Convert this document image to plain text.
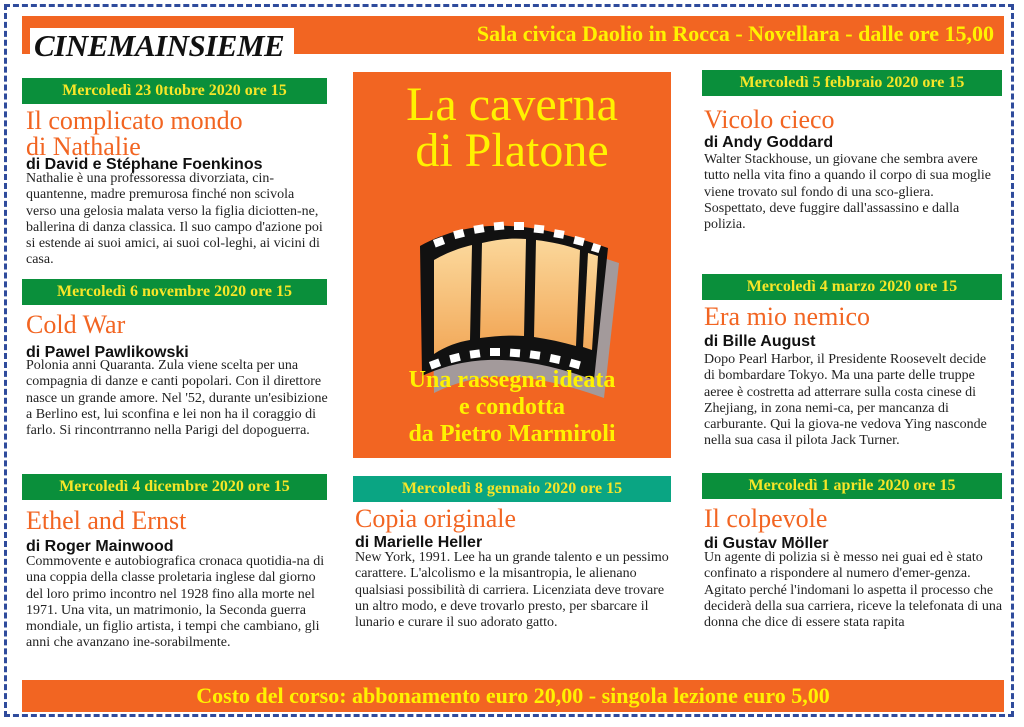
CINEMAINSIEME	Sala civica Daolio in Rocca - Novellara - dalle ore 15,00
Mercoledì 23 0ttobre 2020 ore 15
Il complicato mondo
di Nathalie
di David e Stéphane Foenkinos
Nathalie è una professoressa divorziata, cin-quantenne, madre premurosa finché non scivola verso una gelosia malata verso la figlia diciotten-ne, ballerina di danza classica. Il suo campo d'azione poi si estende ai suoi amici, ai suoi col-leghi, ai vicini di casa.
Mercoledì 6 novembre 2020 ore 15
Cold War
di Pawel Pawlikowski
Polonia anni Quaranta. Zula viene scelta per una compagnia di danze e canti popolari. Con il direttore nasce un grande amore. Nel '52, durante un'esibizione a Berlino est, lui sconfina e lei non ha il coraggio di farlo. Si rincontrranno nella Parigi del dopoguerra.
Mercoledì 4 dicembre 2020 ore 15
Ethel and Ernst
di Roger Mainwood
Commovente e autobiografica cronaca quotidia-na di una coppia della classe proletaria inglese dal giorno del loro primo incontro nel 1928 fino alla morte nel 1971. Una vita, un matrimonio, la Seconda guerra mondiale, un figlio artista, i tempi che cambiano, gli anni che avanzano ine-sorabilmente.
La caverna
di Platone
Una rassegna ideata
e condotta
da Pietro Marmiroli
Mercoledì 8 gennaio 2020 ore 15
Copia originale
di Marielle Heller
New York, 1991. Lee ha un grande talento e un pessimo carattere. L'alcolismo e la misantropia, le alienano qualsiasi possibilità di carriera. Licenziata deve trovare un altro modo, e deve trovarlo presto, per sbarcare il lunario e curare il suo adorato gatto.
Mercoledì 5 febbraio 2020 ore 15
Vicolo cieco
di Andy Goddard
Walter Stackhouse, un giovane che sembra avere tutto nella vita fino a quando il corpo di sua moglie viene trovato sul fondo di una sco-gliera. Sospettato, deve fuggire dall'assassino e dalla polizia.
Mercoledì 4 marzo 2020 ore 15
Era mio nemico
di Bille August
Dopo Pearl Harbor, il Presidente Roosevelt decide di bombardare Tokyo. Ma una parte delle truppe aeree è costretta ad atterrare sulla costa cinese di Zhejiang, in zona nemi-ca, per mancanza di carburante. Qui la giova-ne vedova Ying nasconde nella sua casa il pilota Jack Turner.
Mercoledì 1 aprile 2020 ore 15
Il colpevole
di Gustav Möller
Un agente di polizia si è messo nei guai ed è stato confinato a rispondere al numero d'emer-genza. Agitato perché l'indomani lo aspetta il processo che deciderà della sua carriera, riceve la telefonata di una donna che dice di essere stata rapita
Costo del corso: abbonamento euro 20,00 - singola lezione euro 5,00
